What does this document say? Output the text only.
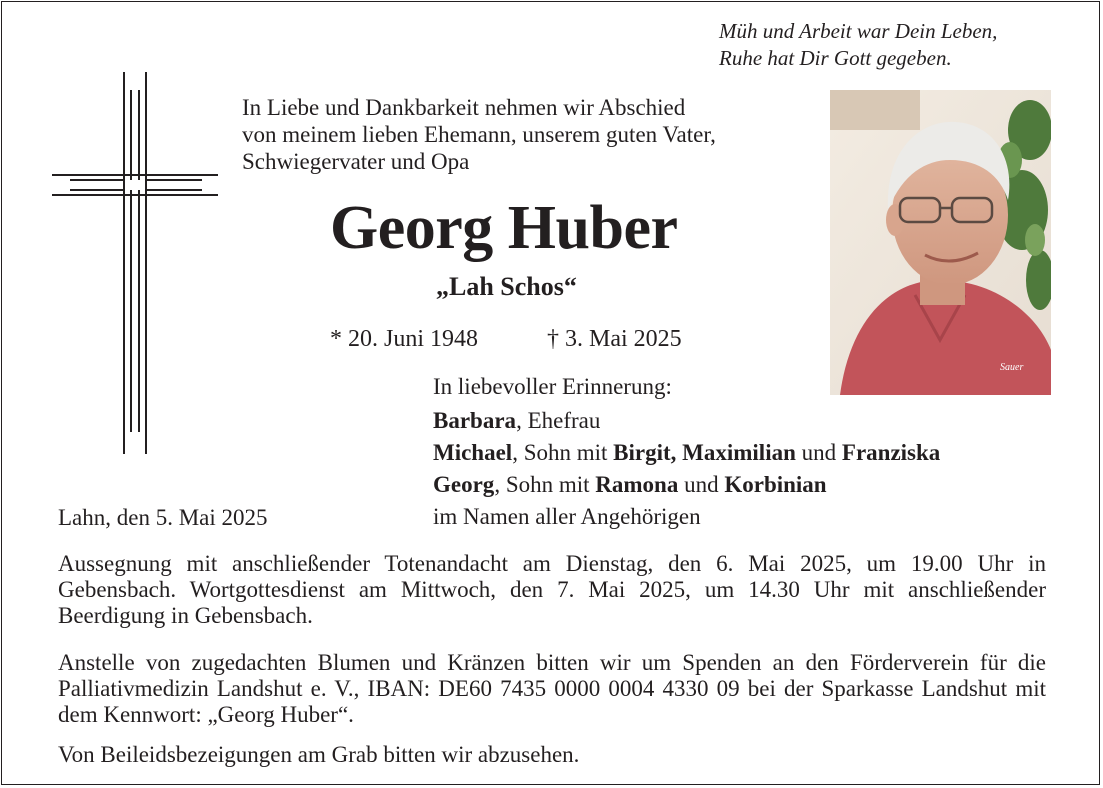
Müh und Arbeit war Dein Leben,
Ruhe hat Dir Gott gegeben.
In Liebe und Dankbarkeit nehmen wir Abschied
von meinem lieben Ehemann, unserem guten Vater,
Schwiegervater und Opa
Georg Huber
„Lah Schos“
* 20. Juni 1948	† 3. Mai 2025
Sauer
In liebevoller Erinnerung:
Barbara, Ehefrau
Michael, Sohn mit Birgit, Maximilian und Franziska
Georg, Sohn mit Ramona und Korbinian
im Namen aller Angehörigen
Lahn, den 5. Mai 2025
Aussegnung mit anschließender Totenandacht am Dienstag, den 6. Mai 2025, um 19.00 Uhr in Gebensbach. Wortgottesdienst am Mittwoch, den 7. Mai 2025, um 14.30 Uhr mit anschließender Beerdigung in Gebensbach.
Anstelle von zugedachten Blumen und Kränzen bitten wir um Spenden an den Förderverein für die Palliativmedizin Landshut e. V., IBAN: DE60 7435 0000 0004 4330 09 bei der Sparkasse Landshut mit dem Kennwort: „Georg Huber“.
Von Beileidsbezeigungen am Grab bitten wir abzusehen.
